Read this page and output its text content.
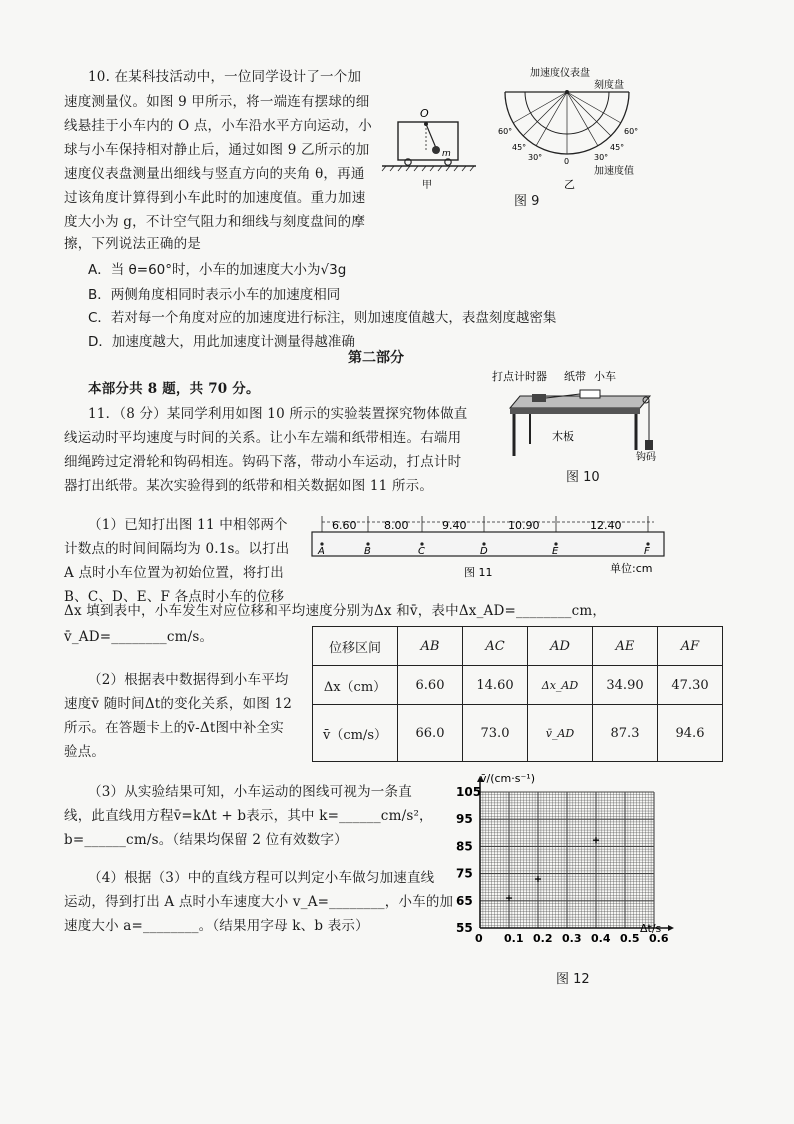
10. 在某科技活动中，一位同学设计了一个加
速度测量仪。如图 9 甲所示，将一端连有摆球的细
线悬挂于小车内的 O 点，小车沿水平方向运动，小
球与小车保持相对静止后，通过如图 9 乙所示的加
速度仪表盘测量出细线与竖直方向的夹角 θ，再通
过该角度计算得到小车此时的加速度值。重力加速
度大小为 g，不计空气阻力和细线与刻度盘间的摩
擦，下列说法正确的是
A．当 θ=60°时，小车的加速度大小为√3g
B．两侧角度相同时表示小车的加速度相同
C．若对每一个角度对应的加速度进行标注，则加速度值越大，表盘刻度越密集
D．加速度越大，用此加速度计测量得越准确
O
m
甲
加速度仪表盘
刻度盘
60°
45°
30°	0	30°
45°
60°
加速度值
乙
图 9
第二部分
本部分共 8 题，共 70 分。
11．（8 分）某同学利用如图 10 所示的实验装置探究物体做直
线运动时平均速度与时间的关系。让小车左端和纸带相连。右端用
细绳跨过定滑轮和钩码相连。钩码下落，带动小车运动，打点计时
器打出纸带。某次实验得到的纸带和相关数据如图 11 所示。
打点计时器 纸带 小车
木板
钩码
图 10
（1）已知打出图 11 中相邻两个
计数点的时间间隔均为 0.1s。以打出
A 点时小车位置为初始位置，将打出
B、C、D、E、F 各点时小车的位移
Δx 填到表中，小车发生对应位移和平均速度分别为Δx 和v̄，表中Δx_AD=________cm，
v̄_AD=________cm/s。
6.60	8.00	9.40	10.90	12.40
A	B	C	D	E	F
单位:cm
图 11
位移区间	AB	AC	AD	AE	AF
Δx（cm）	6.60	14.60	Δx_AD	34.90	47.30
v̄（cm/s）	66.0	73.0	v̄_AD	87.3	94.6
（2）根据表中数据得到小车平均
速度v̄ 随时间Δt的变化关系，如图 12
所示。在答题卡上的v̄-Δt图中补全实
验点。
（3）从实验结果可知，小车运动的图线可视为一条直
线，此直线用方程v̄=kΔt + b表示，其中 k=______cm/s²，
b=______cm/s。（结果均保留 2 位有效数字）
（4）根据（3）中的直线方程可以判定小车做匀加速直线
运动，得到打出 A 点时小车速度大小 v_A=________，小车的加
速度大小 a=________。（结果用字母 k、b 表示）
0 0.1 0.2 0.3 0.4 0.5 0.6
55
65
75
85
95
105
v̄/(cm·s⁻¹)
Δt/s
图 12
